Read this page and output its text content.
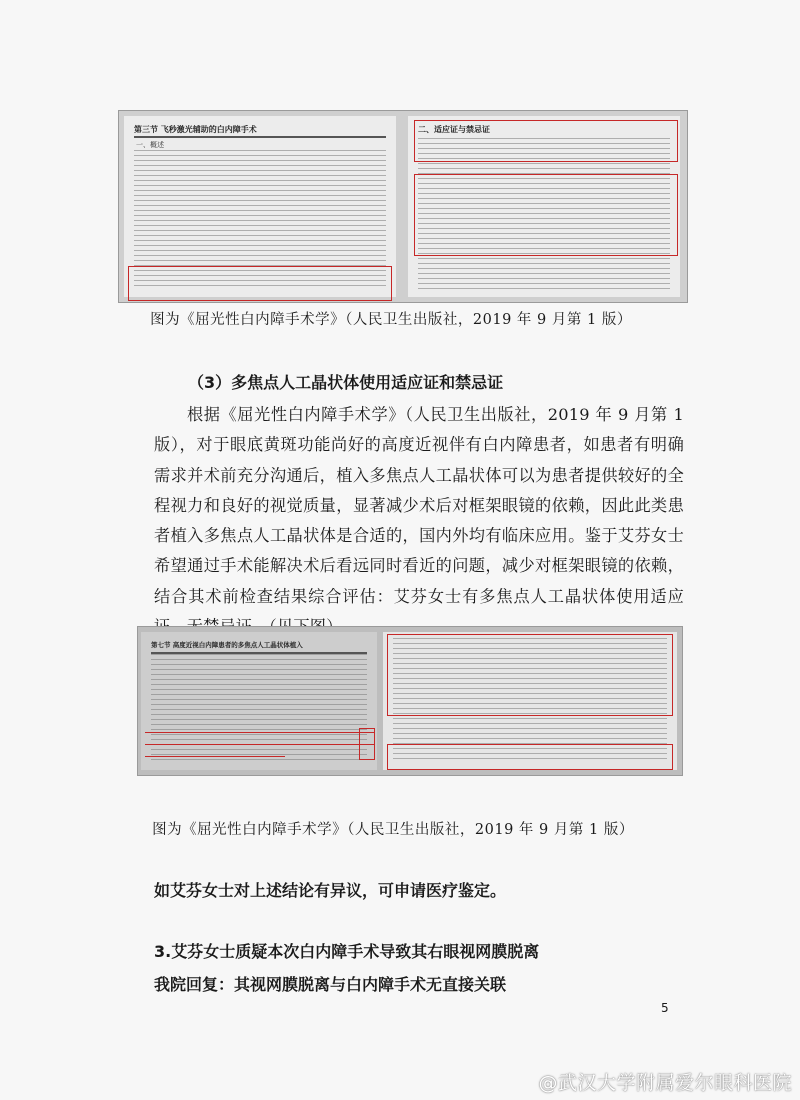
第三节 飞秒激光辅助的白内障手术
一、概述
二、适应证与禁忌证
图为《屈光性白内障手术学》（人民卫生出版社，2019 年 9 月第 1 版）
（3）多焦点人工晶状体使用适应证和禁忌证

根据《屈光性白内障手术学》（人民卫生出版社，2019 年 9 月第 1 版），对于眼底黄斑功能尚好的高度近视伴有白内障患者，如患者有明确需求并术前充分沟通后，植入多焦点人工晶状体可以为患者提供较好的全程视力和良好的视觉质量，显著减少术后对框架眼镜的依赖，因此此类患者植入多焦点人工晶状体是合适的，国内外均有临床应用。鉴于艾芬女士希望通过手术能解决术后看远同时看近的问题，减少对框架眼镜的依赖，结合其术前检查结果综合评估：艾芬女士有多焦点人工晶状体使用适应

第七节 高度近视白内障患者的多焦点人工晶状体植入
图为《屈光性白内障手术学》（人民卫生出版社，2019 年 9 月第 1 版）
如艾芬女士对上述结论有异议，可申请医疗鉴定。
3.艾芬女士质疑本次白内障手术导致其右眼视网膜脱离
我院回复：其视网膜脱离与白内障手术无直接关联
5
@武汉大学附属爱尔眼科医院
